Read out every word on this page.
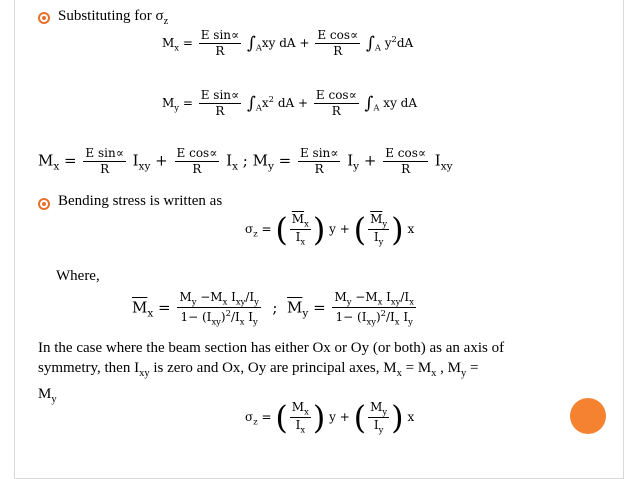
Substituting for $\sigma_z$
$M_x = \frac{\text{E sin∝}}{R} \int_Axy$ dA + $\frac{\text{E cos∝}}{R} \int_A$ $y^2dA$
$M_y = \frac{\text{E sin∝}}{R} \int_Ax^2$ dA + $\frac{\text{E cos∝}}{R} \int_A$ xy dA
$M_x = \frac{\text{E sin∝}}{R} I_{xy} + \frac{\text{E cos∝}}{R} I_x$ ; $M_y = \frac{\text{E sin∝}}{R} I_y + \frac{\text{E cos∝}}{R} I_{xy}$
Bending stress is written as
$\sigma_z$ = ( $\frac{\overline{M}_x}{I_x}$ ) y + ( $\frac{\overline{M}_y}{I_y}$ ) x
Where,
$\overline{M}_x = \frac{M_y -M_x I_{xy}/I_y}{1- (I_{xy})^2/I_x I_y}$ ; $\overline{M}_y = \frac{M_y -M_x I_{xy}/I_x}{1- (I_{xy})^2/I_x I_y}$
In the case where the beam section has either Ox or Oy (or both) as an axis of
symmetry, then $I_{xy}$ is zero and Ox, Oy are principal axes, $M_x = M_x$ , $M_y$ =
$M_y$
$\sigma_z$ = ( $\frac{M_x}{I_x}$ ) y + ( $\frac{M_y}{I_y}$ ) x
